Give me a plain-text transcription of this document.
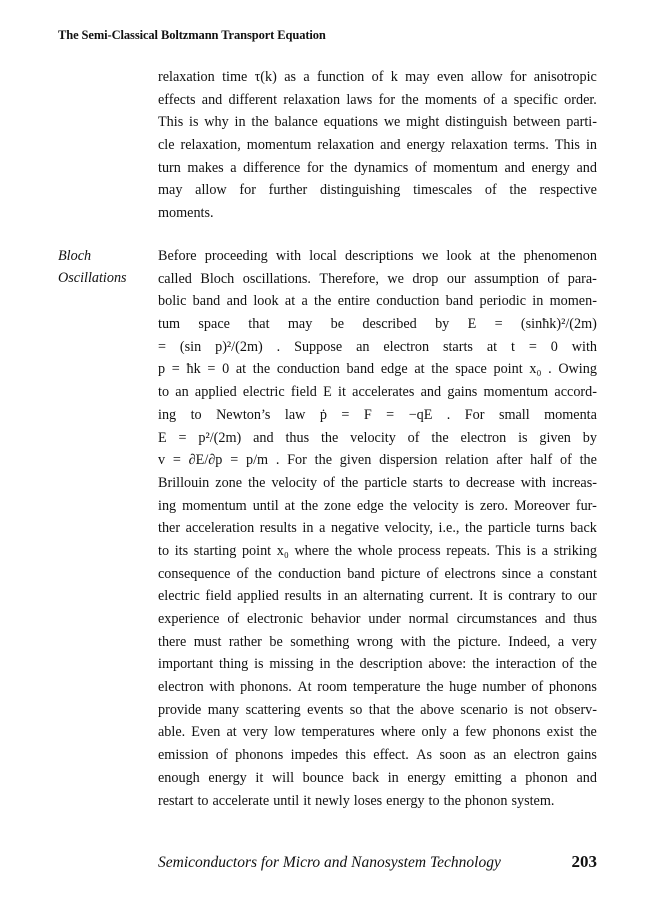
The Semi-Classical Boltzmann Transport Equation
relaxation time τ(k) as a function of k may even allow for anisotropic
effects and different relaxation laws for the moments of a specific order.
This is why in the balance equations we might distinguish between parti-
cle relaxation, momentum relaxation and energy relaxation terms. This in
turn makes a difference for the dynamics of momentum and energy and
may allow for further distinguishing timescales of the respective
moments.
Bloch
Oscillations
Before proceeding with local descriptions we look at the phenomenon
called Bloch oscillations. Therefore, we drop our assumption of para-
bolic band and look at a the entire conduction band periodic in momen-
tum space that may be described by E = (sinħk)²/(2m)
= (sin p)²/(2m) . Suppose an electron starts at t = 0 with
p = ħk = 0 at the conduction band edge at the space point x₀ . Owing
to an applied electric field E it accelerates and gains momentum accord-
ing to Newton’s law ṗ = F = −qE . For small momenta
E = p²/(2m) and thus the velocity of the electron is given by
v = ∂E/∂p = p/m . For the given dispersion relation after half of the
Brillouin zone the velocity of the particle starts to decrease with increas-
ing momentum until at the zone edge the velocity is zero. Moreover fur-
ther acceleration results in a negative velocity, i.e., the particle turns back
to its starting point x₀ where the whole process repeats. This is a striking
consequence of the conduction band picture of electrons since a constant
electric field applied results in an alternating current. It is contrary to our
experience of electronic behavior under normal circumstances and thus
there must rather be something wrong with the picture. Indeed, a very
important thing is missing in the description above: the interaction of the
electron with phonons. At room temperature the huge number of phonons
provide many scattering events so that the above scenario is not observ-
able. Even at very low temperatures where only a few phonons exist the
emission of phonons impedes this effect. As soon as an electron gains
enough energy it will bounce back in energy emitting a phonon and
restart to accelerate until it newly loses energy to the phonon system.
Semiconductors for Micro and Nanosystem Technology	203
